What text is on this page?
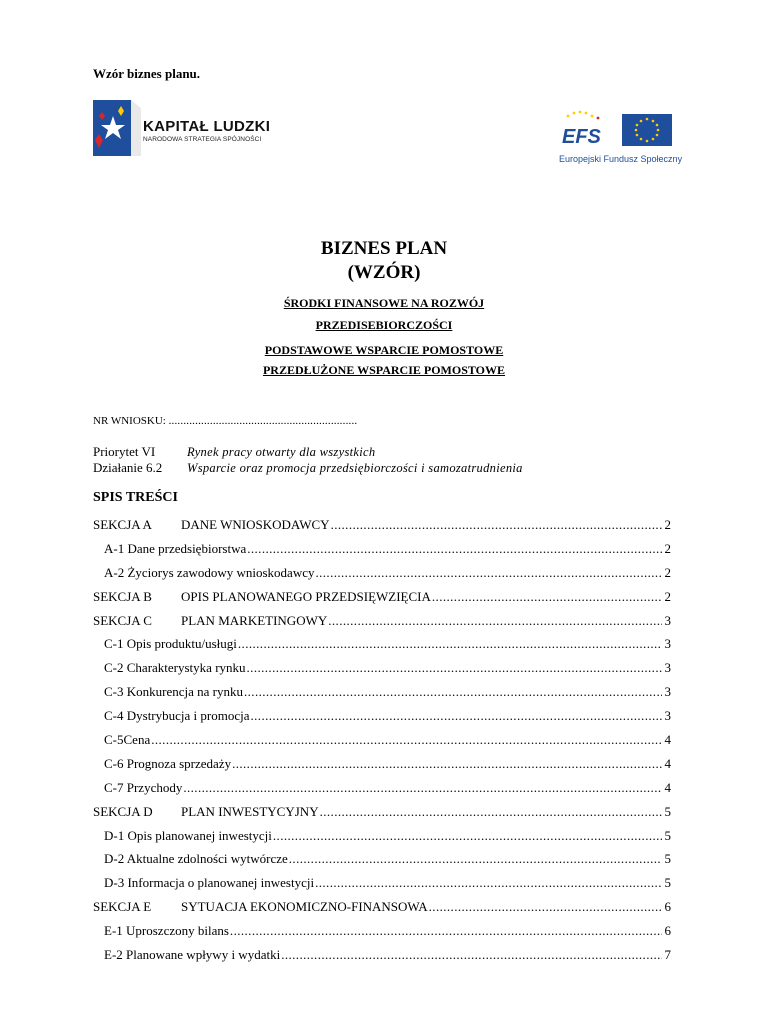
Wzór biznes planu.
KAPITAŁ LUDZKI
NARODOWA STRATEGIA SPÓJNOŚCI	EFS
Europejski Fundusz Społeczny
BIZNES PLAN
(WZÓR)
ŚRODKI FINANSOWE NA ROZWÓJ
PRZEDISEBIORCZOŚCI
PODSTAWOWE WSPARCIE POMOSTOWE
PRZEDŁUŻONE WSPARCIE POMOSTOWE
NR WNIOSKU: ................................................................
Priorytet VI	Rynek pracy otwarty dla wszystkich
Działanie 6.2 Wsparcie oraz promocja przedsiębiorczości i samozatrudnienia
SPIS TREŚCI
SEKCJA A	DANE WNIOSKODAWCY .....	2
A-1 Dane przedsiębiorstwa .....	2
A-2 Życiorys zawodowy wnioskodawcy .....	2
SEKCJA B	OPIS PLANOWANEGO PRZEDSIĘWZIĘCIA .....	2
SEKCJA C	PLAN MARKETINGOWY .....	3
C-1 Opis produktu/usługi .....	3
C-2 Charakterystyka rynku .....	3
C-3 Konkurencja na rynku .....	3
C-4 Dystrybucja i promocja .....	3
C-5Cena .....	4
C-6 Prognoza sprzedaży .....	4
C-7 Przychody .....	4
SEKCJA D	PLAN INWESTYCYJNY .....	5
D-1 Opis planowanej inwestycji .....	5
D-2 Aktualne zdolności wytwórcze .....	5
D-3 Informacja o planowanej inwestycji .....	5
SEKCJA E	SYTUACJA EKONOMICZNO-FINANSOWA .....	6
E-1 Uproszczony bilans .....	6
E-2 Planowane wpływy i wydatki .....	7
